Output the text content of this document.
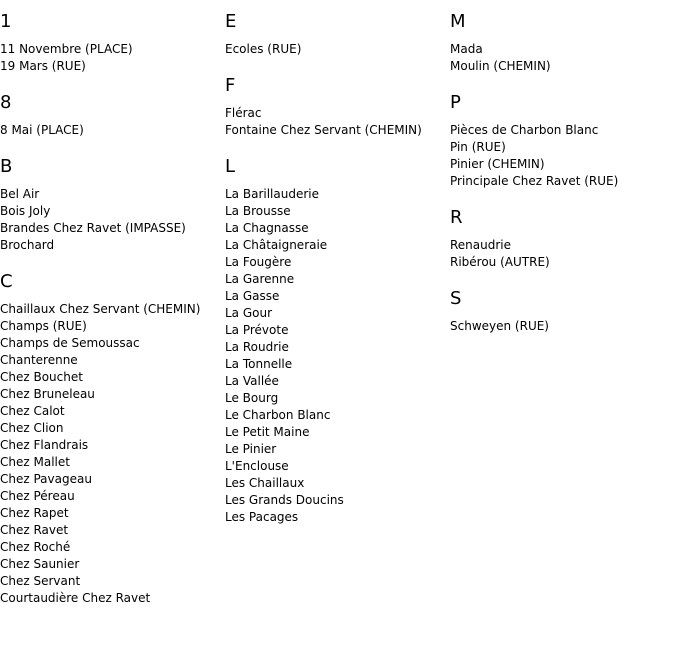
1
11 Novembre (PLACE)
19 Mars (RUE)
8
8 Mai (PLACE)
B
Bel Air
Bois Joly
Brandes Chez Ravet (IMPASSE)
Brochard
C
Chaillaux Chez Servant (CHEMIN)
Champs (RUE)
Champs de Semoussac
Chanterenne
Chez Bouchet
Chez Bruneleau
Chez Calot
Chez Clion
Chez Flandrais
Chez Mallet
Chez Pavageau
Chez Péreau
Chez Rapet
Chez Ravet
Chez Roché
Chez Saunier
Chez Servant
Courtaudière Chez Ravet
E
Ecoles (RUE)
F
Flérac
Fontaine Chez Servant (CHEMIN)
L
La Barillauderie
La Brousse
La Chagnasse
La Châtaigneraie
La Fougère
La Garenne
La Gasse
La Gour
La Prévote
La Roudrie
La Tonnelle
La Vallée
Le Bourg
Le Charbon Blanc
Le Petit Maine
Le Pinier
L'Enclouse
Les Chaillaux
Les Grands Doucins
Les Pacages
M
Mada
Moulin (CHEMIN)
P
Pièces de Charbon Blanc
Pin (RUE)
Pinier (CHEMIN)
Principale Chez Ravet (RUE)
R
Renaudrie
Ribérou (AUTRE)
S
Schweyen (RUE)
